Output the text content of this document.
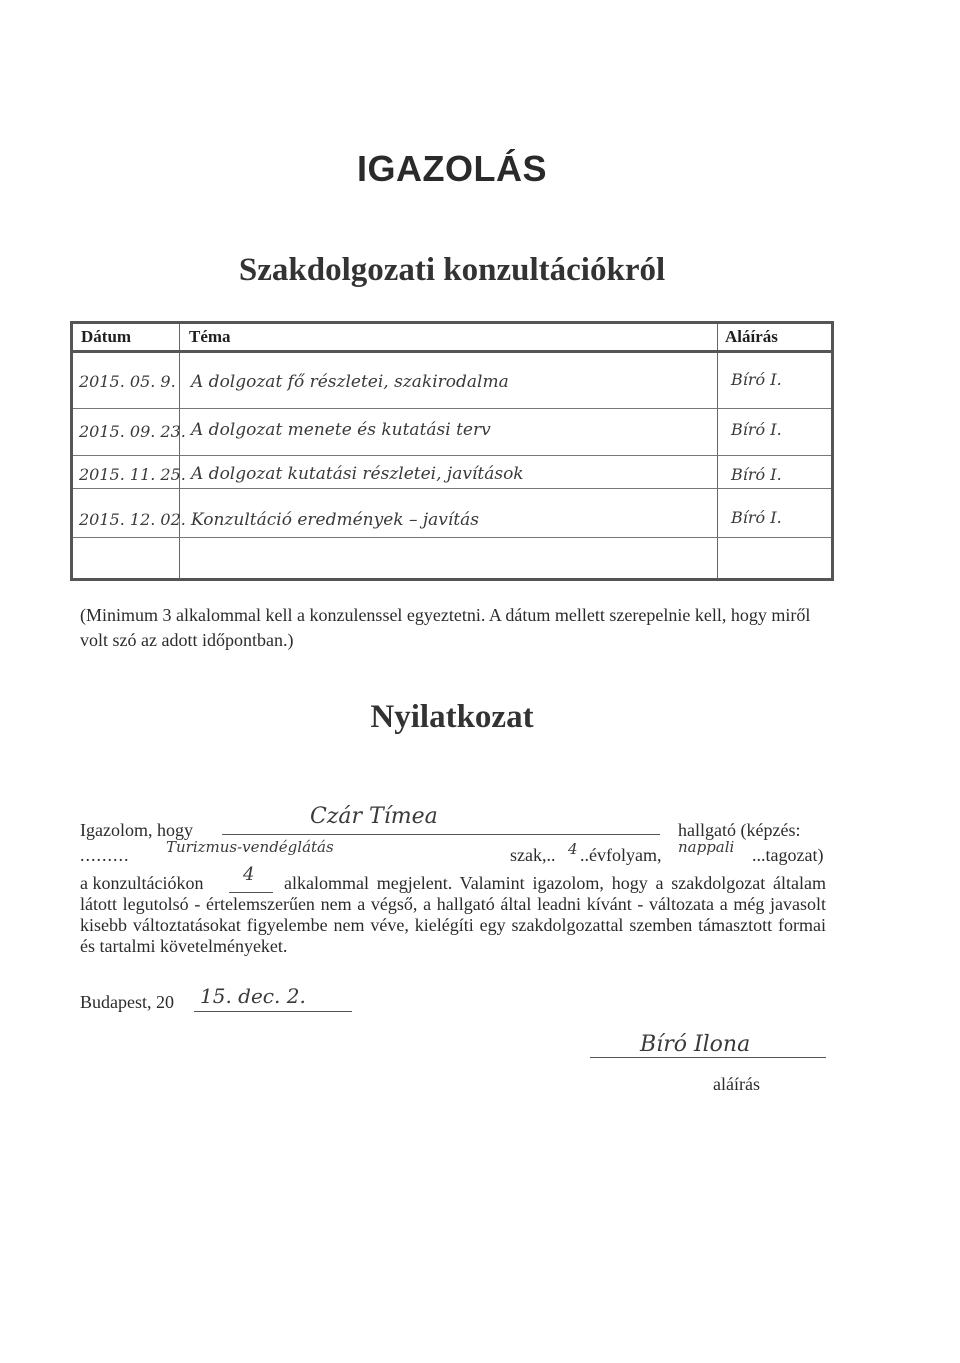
IGAZOLÁS
Szakdolgozati konzultációkról
Dátum	Téma	Aláírás
2015. 05. 9. A dolgozat fő részletei, szakirodalma	Bíró I.
2015. 09. 23. A dolgozat menete és kutatási terv	Bíró I.
2015. 11. 25. A dolgozat kutatási részletei, javítások	Bíró I.
2015. 12. 02. Konzultáció eredmények – javítás	Bíró I.
(Minimum 3 alkalommal kell a konzulenssel egyeztetni. A dátum mellett szerepelnie kell, hogy miről volt szó az adott időpontban.)
Nyilatkozat
Igazolom, hogy
Czár Tímea
hallgató (képzés:
......... Turizmus-vendéglátás	szak,.. 4 ..évfolyam, nappali ...tagozat)
a konzultációkon 4	alkalommal megjelent. Valamint igazolom, hogy a szakdolgozat általam látott legutolsó - értelemszerűen nem a végső, a hallgató által leadni kívánt - változata a még javasolt kisebb változtatásokat figyelembe nem véve, kielégíti egy szakdolgozattal szemben támasztott formai és tartalmi követelményeket.
Budapest, 20 15. dec. 2.
Bíró Ilona
aláírás
